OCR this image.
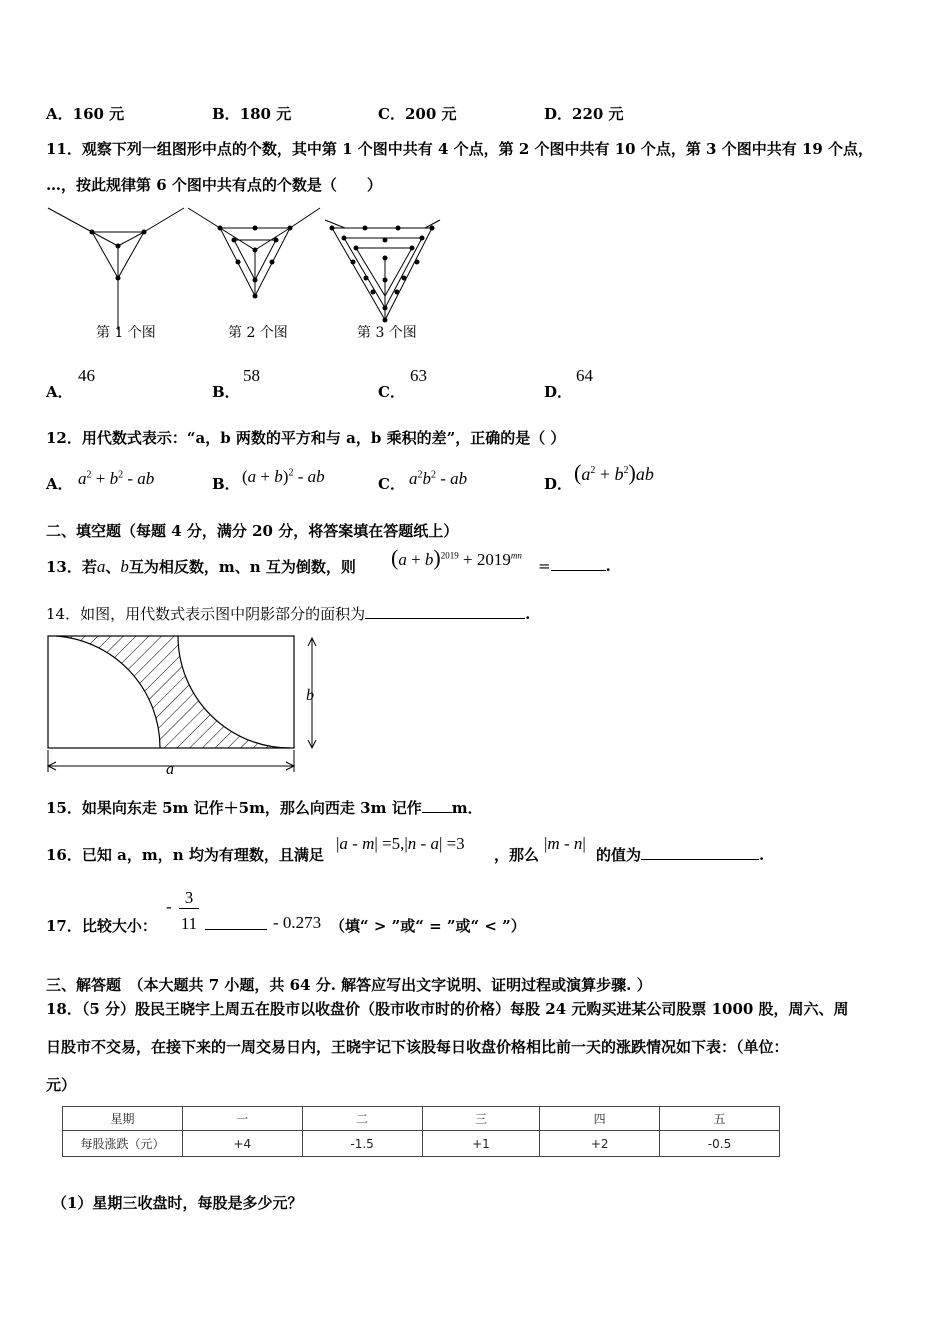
A．160 元	B．180 元	C．200 元	D．220 元
11．观察下列一组图形中点的个数，其中第 1 个图中共有 4 个点，第 2 个图中共有 10 个点，第 3 个图中共有 19 个点，
…，按此规律第 6 个图中共有点的个数是（　　）
第 1 个图	第 2 个图	第 3 个图
A．
46
B．
58
C．
63
D．
64
12．用代数式表示：“a，b 两数的平方和与 a，b 乘积的差”，正确的是（ ）
A． $a^2 + b^2$ - ab	B． $(a + b)^2$ - ab	C． $a^2b^2$ - ab	D． $(a^2 + b^2)ab$
二、填空题（每题 4 分，满分 20 分，将答案填在答题纸上）
13．若a、b互为相反数，m、n 互为倒数，则 $(a + b)^{2019} + 2019^{mn}$
=	.
14．如图，用代数式表示图中阴影部分的面积为	.
b
a
15．如果向东走 5m 记作＋5m，那么向西走 3m 记作 m．
16．已知 a，m，n 均为有理数，且满足
|a - m| =5,|n - a| =3
，那么
|m - n|
的值为	.
17．比较大小：
- 3
11	- 0.273 （填“ > ”或“ = ”或“ < ”）
三、解答题　（本大题共 7 小题，共 64 分. 解答应写出文字说明、证明过程或演算步骤. ）
18．（5 分）股民王晓宇上周五在股市以收盘价（股市收市时的价格）每股 24 元购买进某公司股票 1000 股，周六、周
日股市不交易，在接下来的一周交易日内，王晓宇记下该股每日收盘价格相比前一天的涨跌情况如下表：（单位：
元）
星期	一	二	三	四	五
每股涨跌（元）	+4	-1.5	+1	+2	-0.5
（1）星期三收盘时，每股是多少元？
